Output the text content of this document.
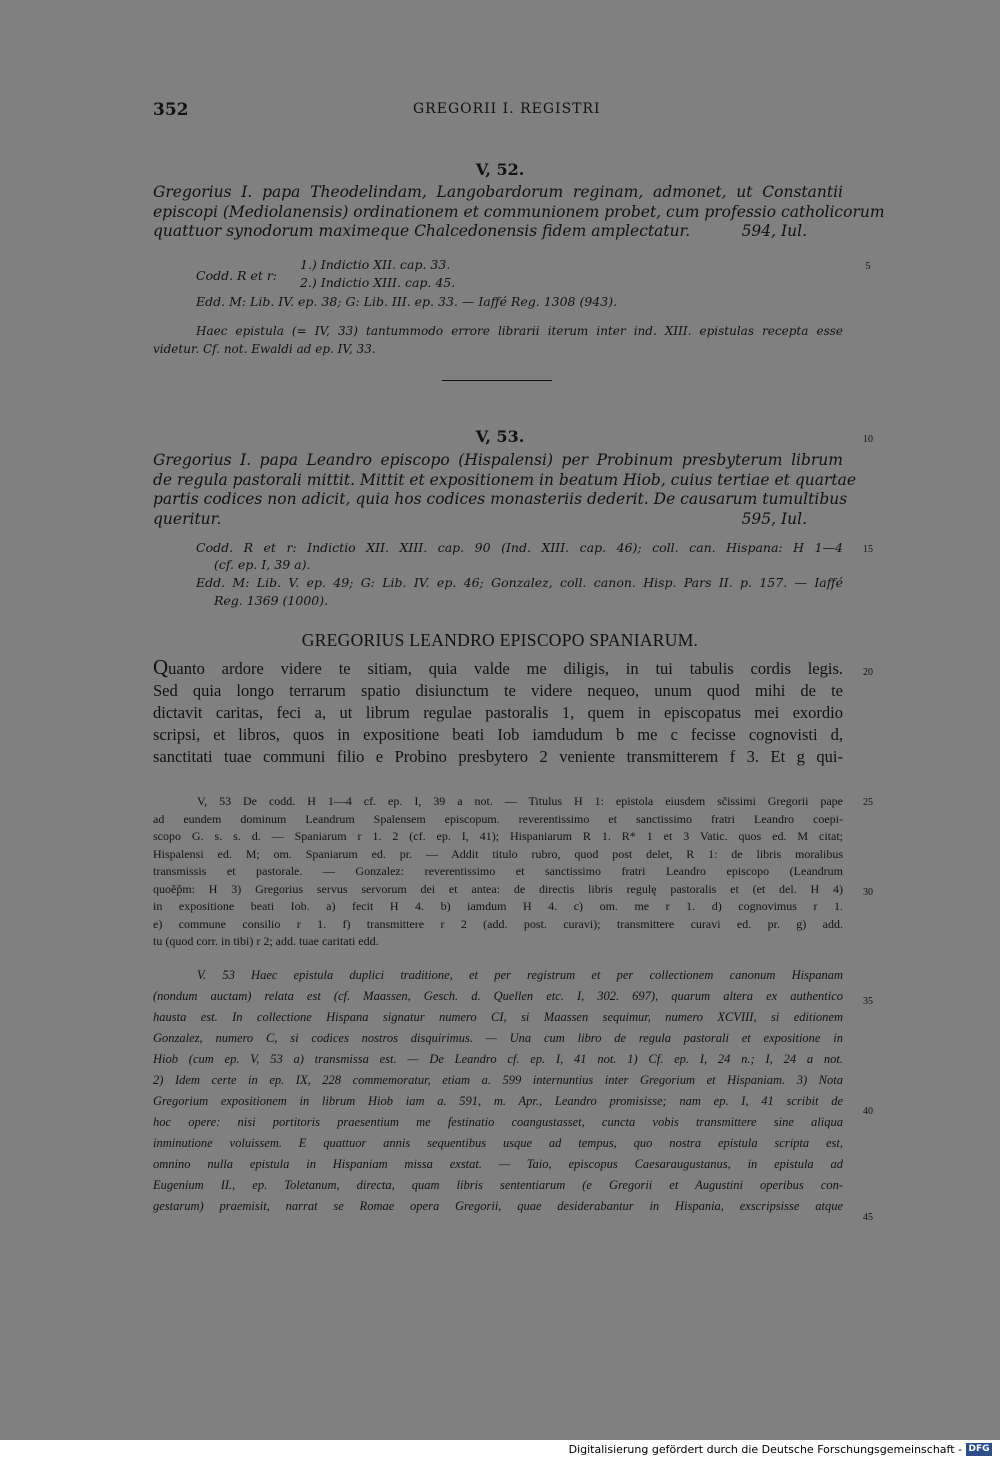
352	GREGORII I. REGISTRI
V, 52.
Gregorius I. papa Theodelindam, Langobardorum reginam, admonet, ut Constantii
episcopi (Mediolanensis) ordinationem et communionem probet, cum professio catholicorum
quattuor synodorum maximeque Chalcedonensis fidem amplectatur.	594, Iul.
Codd. R et r:
1.) Indictio XII. cap. 33.
2.) Indictio XIII. cap. 45.
Edd. M: Lib. IV. ep. 38; G: Lib. III. ep. 33. — Iaffé Reg. 1308 (943).
Haec epistula (= IV, 33) tantummodo errore librarii iterum inter ind. XIII. epistulas recepta esse
videtur. Cf. not. Ewaldi ad ep. IV, 33.
V, 53.
Gregorius I. papa Leandro episcopo (Hispalensi) per Probinum presbyterum librum
de regula pastorali mittit. Mittit et expositionem in beatum Hiob, cuius tertiae et quartae
partis codices non adicit, quia hos codices monasteriis dederit. De causarum tumultibus
queritur.	595, Iul.
Codd. R et r: Indictio XII. XIII. cap. 90 (Ind. XIII. cap. 46); coll. can. Hispana: H 1—4
(cf. ep. I, 39 a).
Edd. M: Lib. V. ep. 49; G: Lib. IV. ep. 46; Gonzalez, coll. canon. Hisp. Pars II. p. 157. — Iaffé
Reg. 1369 (1000).
GREGORIUS LEANDRO EPISCOPO SPANIARUM.
Quanto ardore videre te sitiam, quia valde me diligis, in tui tabulis cordis legis.
Sed quia longo terrarum spatio disiunctum te videre nequeo, unum quod mihi de te
dictavit caritas, feci a, ut librum regulae pastoralis 1, quem in episcopatus mei exordio
scripsi, et libros, quos in expositione beati Iob iamdudum b me c fecisse cognovisti d,
sanctitati tuae communi filio e Probino presbytero 2 veniente transmitterem f 3. Et g qui-
V, 53 De codd. H 1—4 cf. ep. I, 39 a not. — Titulus H 1: epistola eiusdem sc̃issimi Gregorii pape
ad eundem dominum Leandrum Spalensem episcopum. reverentissimo et sanctissimo fratri Leandro coepi-
scopo G. s. s. d. — Spaniarum r 1. 2 (cf. ep. I, 41); Hispaniarum R 1. R* 1 et 3 Vatic. quos ed. M citat;
Hispalensi ed. M; om. Spaniarum ed. pr. — Addit titulo rubro, quod post delet, R 1: de libris moralibus
transmissis et pastorale. — Gonzalez: reverentissimo et sanctissimo fratri Leandro episcopo (Leandrum
quoẽp̃m: H 3) Gregorius servus servorum dei et antea: de directis libris regulę pastoralis et (et del. H 4)
in expositione beati Iob. a) fecit H 4. b) iamdum H 4. c) om. me r 1. d) cognovimus r 1.
e) commune consilio r 1. f) transmittere r 2 (add. post. curavi); transmittere curavi ed. pr. g) add.
tu (quod corr. in tibi) r 2; add. tuae caritati edd.
V. 53 Haec epistula duplici traditione, et per registrum et per collectionem canonum Hispanam
(nondum auctam) relata est (cf. Maassen, Gesch. d. Quellen etc. I, 302. 697), quarum altera ex authentico
hausta est. In collectione Hispana signatur numero CI, si Maassen sequimur, numero XCVIII, si editionem
Gonzalez, numero C, si codices nostros disquirimus. — Una cum libro de regula pastorali et expositione in
Hiob (cum ep. V, 53 a) transmissa est. — De Leandro cf. ep. I, 41 not. 1) Cf. ep. I, 24 n.; I, 24 a not.
2) Idem certe in ep. IX, 228 commemoratur, etiam a. 599 internuntius inter Gregorium et Hispaniam. 3) Nota
Gregorium expositionem in librum Hiob iam a. 591, m. Apr., Leandro promisisse; nam ep. I, 41 scribit de
hoc opere: nisi portitoris praesentium me festinatio coangustasset, cuncta vobis transmittere sine aliqua
inminutione voluissem. E quattuor annis sequentibus usque ad tempus, quo nostra epistula scripta est,
omnino nulla epistula in Hispaniam missa exstat. — Taio, episcopus Caesaraugustanus, in epistula ad
Eugenium II., ep. Toletanum, directa, quam libris sententiarum (e Gregorii et Augustini operibus con-
gestarum) praemisit, narrat se Romae opera Gregorii, quae desiderabantur in Hispania, exscripsisse atque
5
10
15
20
25
30
35
40
45
Digitalisierung gefördert durch die Deutsche Forschungsgemeinschaft - DFG
